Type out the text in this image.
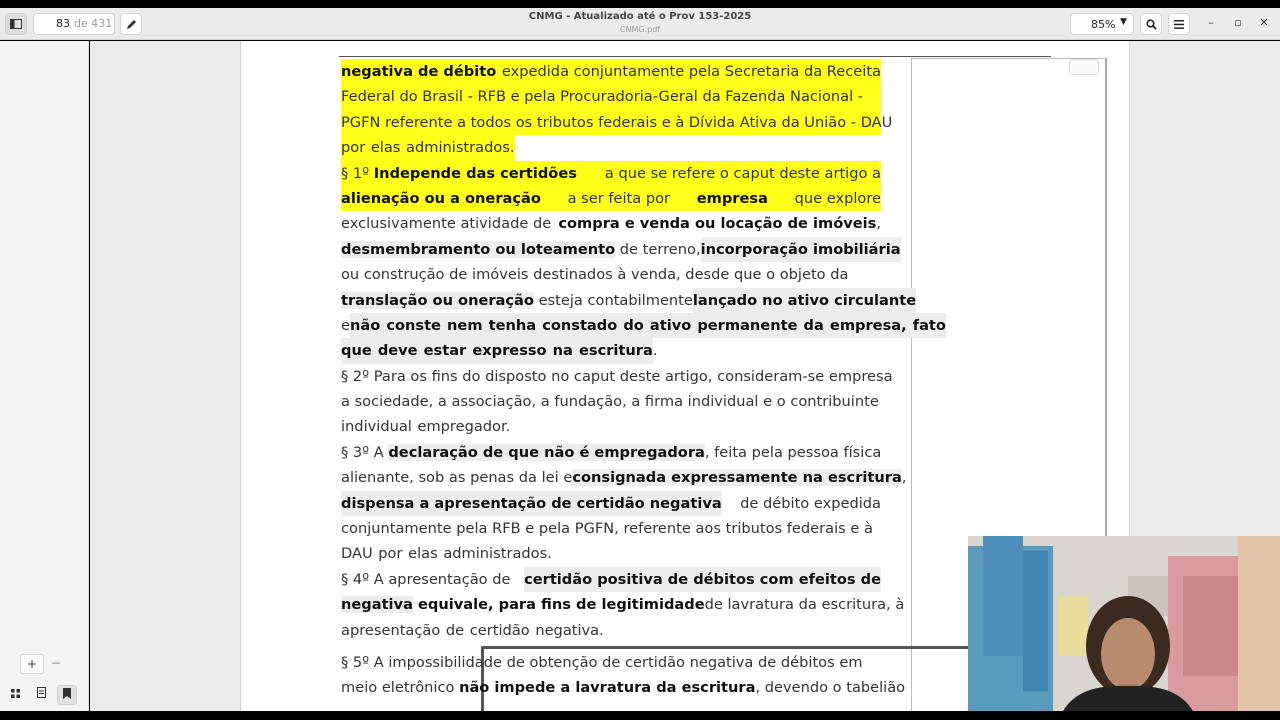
83 de 431
CNMG - Atualizado até o Prov 153-2025
CNMG.pdf	85% ▼	–	▫	✕
+	−
negativa de débito expedida conjuntamente pela Secretaria da Receita
Federal do Brasil - RFB e pela Procuradoria-Geral da Fazenda Nacional -
PGFN referente a todos os tributos federais e à Dívida Ativa da União - DAU
por elas administrados.
§ 1º Independe das certidões a que se refere o caput deste artigo a
alienação ou a oneração a ser feita por empresa que explore
exclusivamente atividade de compra e venda ou locação de imóveis,
desmembramento ou loteamento de terreno, incorporação imobiliária
ou construção de imóveis destinados à venda, desde que o objeto da
translação ou oneração esteja contabilmente lançado no ativo circulante
e não conste nem tenha constado do ativo permanente da empresa, fato
que deve estar expresso na escritura .
§ 2º Para os fins do disposto no caput deste artigo, consideram-se empresa
a sociedade, a associação, a fundação, a firma individual e o contribuinte
individual empregador.
§ 3º A declaração de que não é empregadora , feita pela pessoa física
alienante, sob as penas da lei e consignada expressamente na escritura,
dispensa a apresentação de certidão negativa de débito expedida
conjuntamente pela RFB e pela PGFN, referente aos tributos federais e à
DAU por elas administrados.
§ 4º A apresentação de certidão positiva de débitos com efeitos de
negativa equivale, para fins de legitimidade de lavratura da escritura, à
apresentação de certidão negativa.
§ 5º A impossibilidade de obtenção de certidão negativa de débitos em
meio eletrônico não impede a lavratura da escritura , devendo o tabelião
